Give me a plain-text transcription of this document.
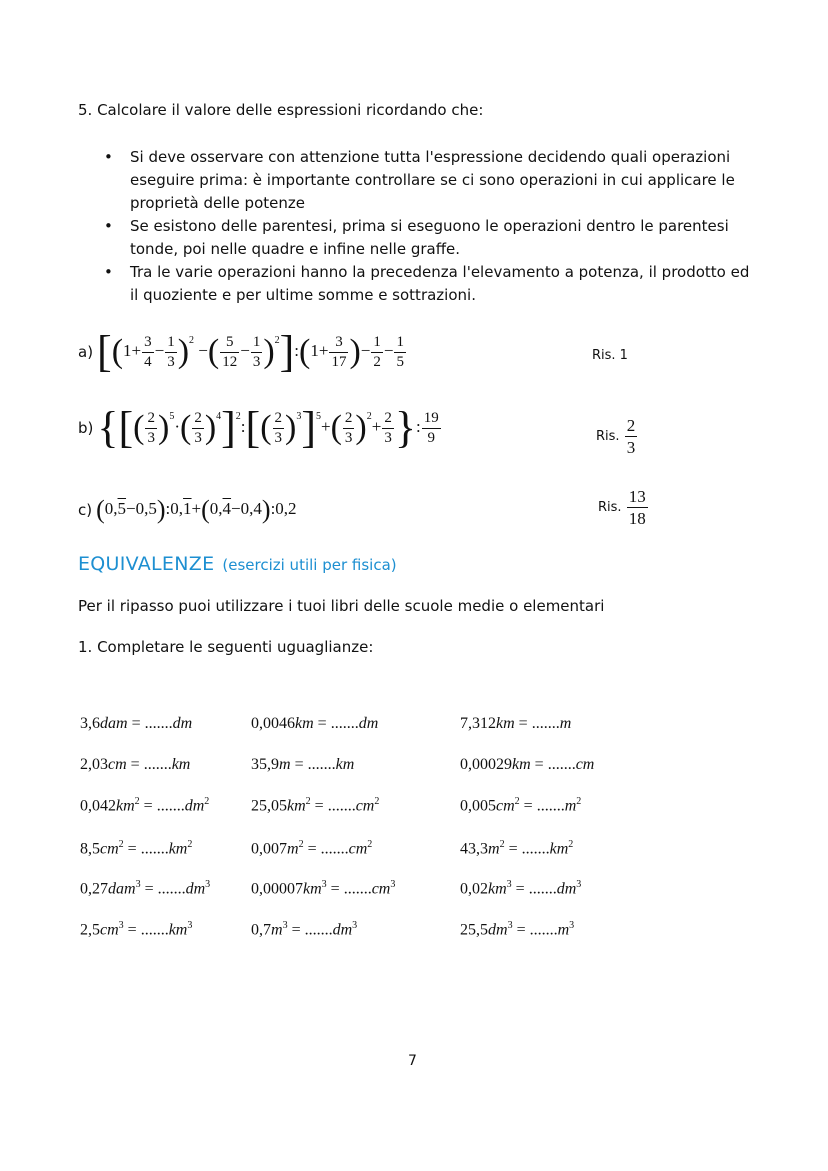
5. Calcolare il valore delle espressioni ricordando che:
• Si deve osservare con attenzione tutta l'espressione decidendo quali operazioni eseguire prima: è importante controllare se ci sono operazioni in cui applicare le proprietà delle potenze
• Se esistono delle parentesi, prima si eseguono le operazioni dentro le parentesi tonde, poi nelle quadre e infine nelle graffe.
• Tra le varie operazioni hanno la precedenza l'elevamento a potenza, il prodotto ed il quoziente e per ultime somme e sottrazioni.
a) [$(1+ \frac{3}{4} - \frac{1}{3} )^2$ −( $\frac{5}{12} - \frac{1}{3}$ )$^2$]:(1+ $\frac{3}{17}$ )− $\frac{1}{2} - \frac{1}{5}$	Ris. 1
b) {[( $\frac{2}{3} )^5\cdot( \frac{2}{3}$ )$^4]^2:[( \frac{2}{3} )^3]^5+( \frac{2}{3} )^2+ \frac{2}{3}$ }: $\frac{19}{9}$	Ris. $\frac{2}{3}$
c) (0,5−0,5):0,1+(0,4−0,4):0,2	Ris. $\frac{13}{18}$
EQUIVALENZE (esercizi utili per fisica)
Per il ripasso puoi utilizzare i tuoi libri delle scuole medie o elementari
1. Completare le seguenti uguaglianze:
3,6dam = .......dm	0,0046km = .......dm	7,312km = .......m
2,03cm = .......km	35,9m = .......km	0,00029km = .......cm
$0,042km^2 = .......dm^2$	$25,05km^2 = .......cm^2$	$0,005cm^2 = .......m^2$
$8,5cm^2 = .......km^2$	$0,007m^2 = .......cm^2$	$43,3m^2 = .......km^2$
$0,27dam^3 = .......dm^3$	$0,00007km^3 = .......cm^3$	$0,02km^3 = .......dm^3$
$2,5cm^3 = .......km^3$	$0,7m^3 = .......dm^3$	$25,5dm^3 = .......m^3$
7
